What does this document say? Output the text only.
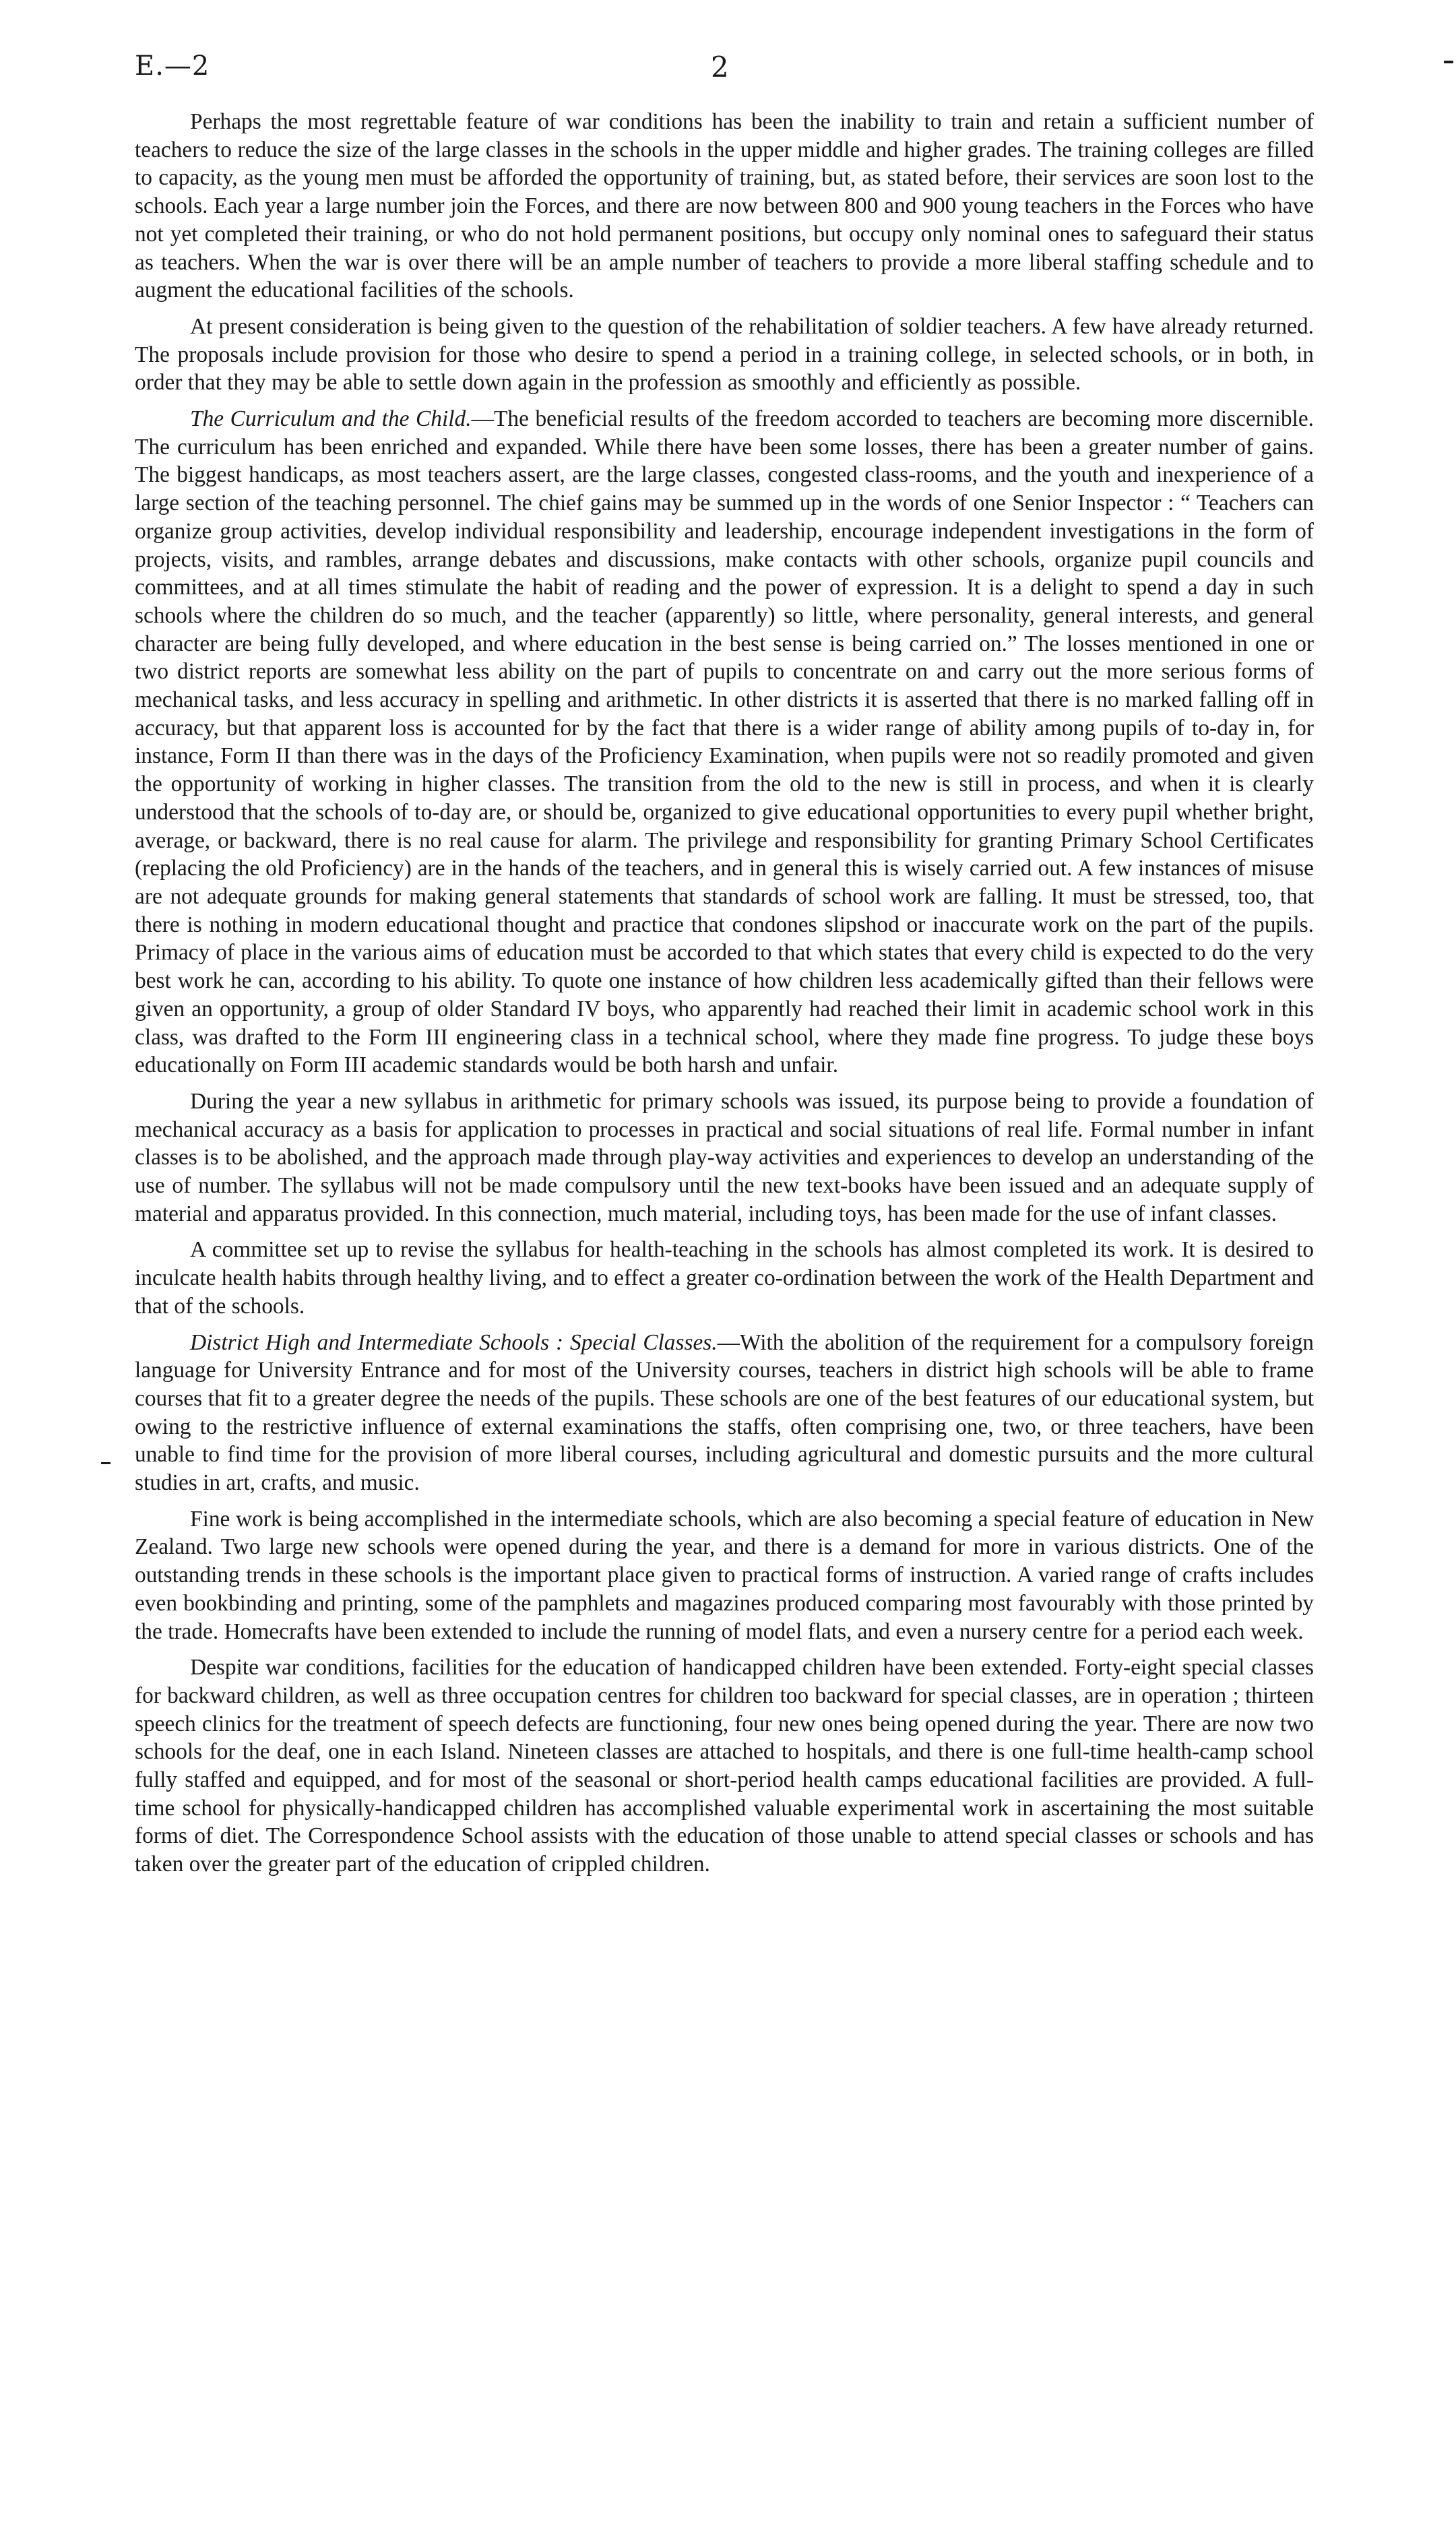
E.—2	2

Perhaps the most regrettable feature of war conditions has been the inability to train and retain a sufficient number of teachers to reduce the size of the large classes in the schools in the upper middle and higher grades. The training colleges are filled to capacity, as the young men must be afforded the opportunity of training, but, as stated before, their services are soon lost to the schools. Each year a large number join the Forces, and there are now between 800 and 900 young teachers in the Forces who have not yet completed their training, or who do not hold permanent positions, but occupy only nominal ones to safeguard their status as teachers. When the war is over there will be an ample number of teachers to provide a more liberal staffing schedule and to augment the educational facilities of the schools.

At present consideration is being given to the question of the rehabilitation of soldier teachers. A few have already returned. The proposals include provision for those who desire to spend a period in a training college, in selected schools, or in both, in order that they may be able to settle down again in the profession as smoothly and efficiently as possible.

The Curriculum and the Child.—The beneficial results of the freedom accorded to teachers are becoming more discernible. The curriculum has been enriched and expanded. While there have been some losses, there has been a greater number of gains. The biggest handicaps, as most teachers assert, are the large classes, congested class-rooms, and the youth and inexperience of a large section of the teaching personnel. The chief gains may be summed up in the words of one Senior Inspector : “ Teachers can organize group activities, develop individual responsibility and leadership, encourage independent investigations in the form of projects, visits, and rambles, arrange debates and discussions, make contacts with other schools, organize pupil councils and committees, and at all times stimulate the habit of reading and the power of expression. It is a delight to spend a day in such schools where the children do so much, and the teacher (apparently) so little, where personality, general interests, and general character are being fully developed, and where education in the best sense is being carried on.” The losses mentioned in one or two district reports are somewhat less ability on the part of pupils to concentrate on and carry out the more serious forms of mechanical tasks, and less accuracy in spelling and arithmetic. In other districts it is asserted that there is no marked falling off in accuracy, but that apparent loss is accounted for by the fact that there is a wider range of ability among pupils of to-day in, for instance, Form II than there was in the days of the Proficiency Examination, when pupils were not so readily promoted and given the opportunity of working in higher classes. The transition from the old to the new is still in process, and when it is clearly understood that the schools of to-day are, or should be, organized to give educational opportunities to every pupil whether bright, average, or backward, there is no real cause for alarm. The privilege and responsibility for granting Primary School Certificates (replacing the old Proficiency) are in the hands of the teachers, and in general this is wisely carried out. A few instances of misuse are not adequate grounds for making general statements that standards of school work are falling. It must be stressed, too, that there is nothing in modern educational thought and practice that condones slipshod or inaccurate work on the part of the pupils. Primacy of place in the various aims of education must be accorded to that which states that every child is expected to do the very best work he can, according to his ability. To quote one instance of how children less academically gifted than their fellows were given an opportunity, a group of older Standard IV boys, who apparently had reached their limit in academic school work in this class, was drafted to the Form III engineering class in a technical school, where they made fine progress. To judge these boys educationally on Form III academic standards would be both harsh and unfair.

During the year a new syllabus in arithmetic for primary schools was issued, its purpose being to provide a foundation of mechanical accuracy as a basis for application to processes in practical and social situations of real life. Formal number in infant classes is to be abolished, and the approach made through play-way activities and experiences to develop an understanding of the use of number. The syllabus will not be made compulsory until the new text-books have been issued and an adequate supply of material and apparatus provided. In this connection, much material, including toys, has been made for the use of infant classes.

A committee set up to revise the syllabus for health-teaching in the schools has almost completed its work. It is desired to inculcate health habits through healthy living, and to effect a greater co-ordination between the work of the Health Department and that of the schools.

District High and Intermediate Schools : Special Classes.—With the abolition of the requirement for a compulsory foreign language for University Entrance and for most of the University courses, teachers in district high schools will be able to frame courses that fit to a greater degree the needs of the pupils. These schools are one of the best features of our educational system, but owing to the restrictive influence of external examinations the staffs, often comprising one, two, or three teachers, have been unable to find time for the provision of more liberal courses, including agricultural and domestic pursuits and the more cultural studies in art, crafts, and music.

Fine work is being accomplished in the intermediate schools, which are also becoming a special feature of education in New Zealand. Two large new schools were opened during the year, and there is a demand for more in various districts. One of the outstanding trends in these schools is the important place given to practical forms of instruction. A varied range of crafts includes even bookbinding and printing, some of the pamphlets and magazines produced comparing most favourably with those printed by the trade. Homecrafts have been extended to include the running of model flats, and even a nursery centre for a period each week.

Despite war conditions, facilities for the education of handicapped children have been extended. Forty-eight special classes for backward children, as well as three occupation centres for children too backward for special classes, are in operation ; thirteen speech clinics for the treatment of speech defects are functioning, four new ones being opened during the year. There are now two schools for the deaf, one in each Island. Nineteen classes are attached to hospitals, and there is one full-time health-camp school fully staffed and equipped, and for most of the seasonal or short-period health camps educational facilities are provided. A full-time school for physically-handicapped children has accomplished valuable experimental work in ascertaining the most suitable forms of diet. The Correspondence School assists with the education of those unable to attend special classes or schools and has taken over the greater part of the education of crippled children.
